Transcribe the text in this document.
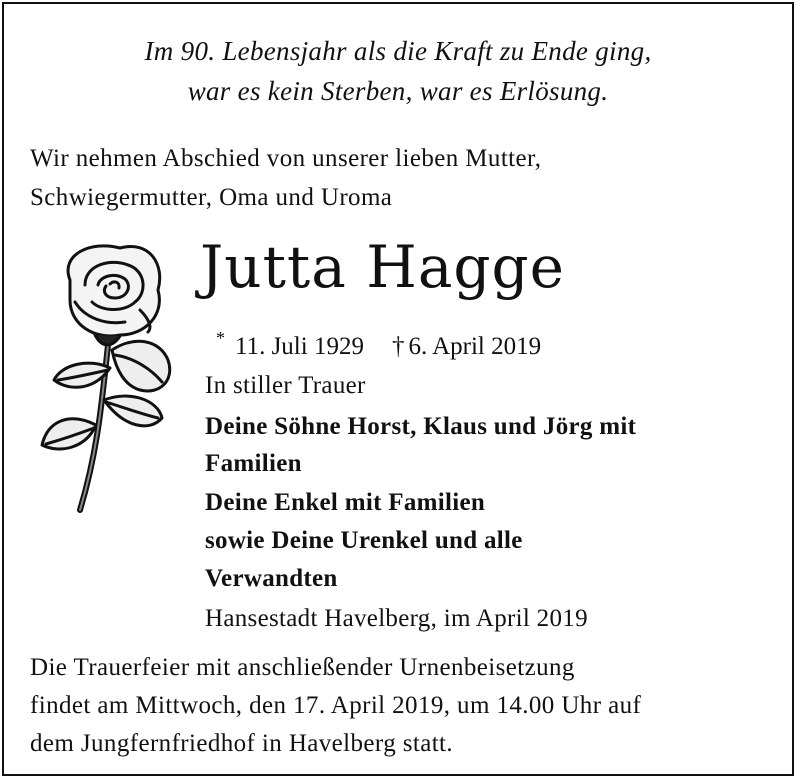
Im 90. Lebensjahr als die Kraft zu Ende ging,
war es kein Sterben, war es Erlösung.
Wir nehmen Abschied von unserer lieben Mutter,
Schwiegermutter, Oma und Uroma
Jutta Hagge
* 11. Juli 1929 † 6. April 2019
In stiller Trauer
Deine Söhne Horst, Klaus und Jörg mit
Familien
Deine Enkel mit Familien
sowie Deine Urenkel und alle
Verwandten
Hansestadt Havelberg, im April 2019
Die Trauerfeier mit anschließender Urnenbeisetzung
findet am Mittwoch, den 17. April 2019, um 14.00 Uhr auf
dem Jungfernfriedhof in Havelberg statt.
